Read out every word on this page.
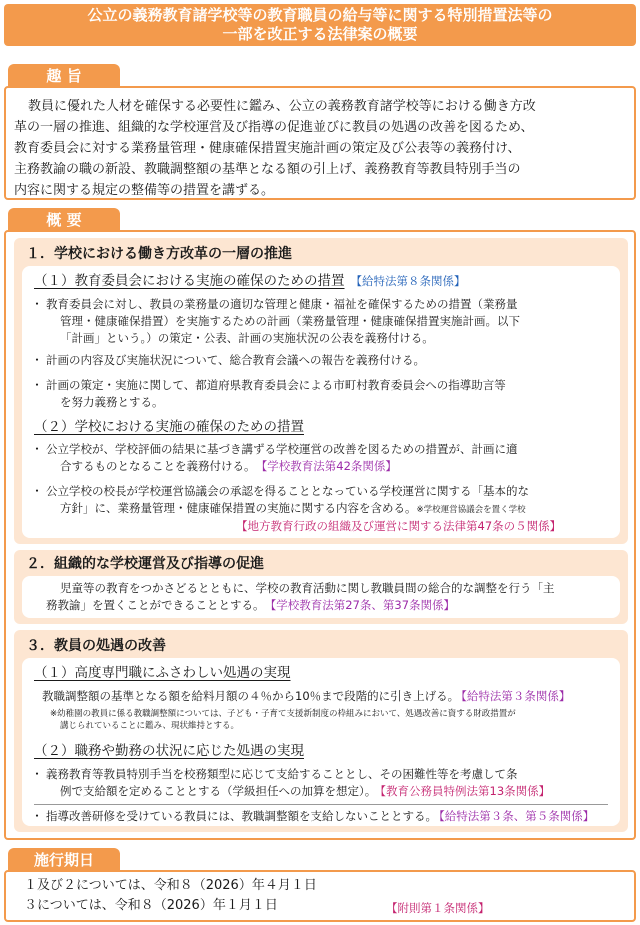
公立の義務教育諸学校等の教育職員の給与等に関する特別措置法等の
一部を改正する法律案の概要
趣 旨
教員に優れた人材を確保する必要性に鑑み、公立の義務教育諸学校等における働き方改
革の一層の推進、組織的な学校運営及び指導の促進並びに教員の処遇の改善を図るため、
教育委員会に対する業務量管理・健康確保措置実施計画の策定及び公表等の義務付け、
主務教諭の職の新設、教職調整額の基準となる額の引上げ、義務教育等教員特別手当の
内容に関する規定の整備等の措置を講ずる。
概 要
１．学校における働き方改革の一層の推進
（１）教育委員会における実施の確保のための措置 【給特法第８条関係】
・ 教育委員会に対し、教員の業務量の適切な管理と健康・福祉を確保するための措置（業務量
管理・健康確保措置）を実施するための計画（業務量管理・健康確保措置実施計画。以下
「計画」という。）の策定・公表、計画の実施状況の公表を義務付ける。
・ 計画の内容及び実施状況について、総合教育会議への報告を義務付ける。
・ 計画の策定・実施に関して、都道府県教育委員会による市町村教育委員会への指導助言等
を努力義務とする。
（２）学校における実施の確保のための措置
・ 公立学校が、学校評価の結果に基づき講ずる学校運営の改善を図るための措置が、計画に適
合するものとなることを義務付ける。 【学校教育法第42条関係】
・ 公立学校の校長が学校運営協議会の承認を得ることとなっている学校運営に関する「基本的な
方針」に、業務量管理・健康確保措置の実施に関する内容を含める。※学校運営協議会を置く学校
【地方教育行政の組織及び運営に関する法律第47条の５関係】
２．組織的な学校運営及び指導の促進
児童等の教育をつかさどるとともに、学校の教育活動に関し教職員間の総合的な調整を行う「主
務教諭」を置くことができることとする。 【学校教育法第27条、第37条関係】
３．教員の処遇の改善
（１）高度専門職にふさわしい処遇の実現
教職調整額の基準となる額を給料月額の４％から10％まで段階的に引き上げる。 【給特法第３条関係】
※幼稚園の教員に係る教職調整額については、子ども・子育て支援新制度の枠組みにおいて、処遇改善に資する財政措置が
講じられていることに鑑み、現状維持とする。
（２）職務や勤務の状況に応じた処遇の実現
・ 義務教育等教員特別手当を校務類型に応じて支給することとし、その困難性等を考慮して条
例で支給額を定めることとする（学級担任への加算を想定）。 【教育公務員特例法第13条関係】
・ 指導改善研修を受けている教員には、教職調整額を支給しないこととする。 【給特法第３条、第５条関係】
施行期日
１及び２については、令和８（2026）年４月１日
３については、令和８（2026）年１月１日	【附則第１条関係】
